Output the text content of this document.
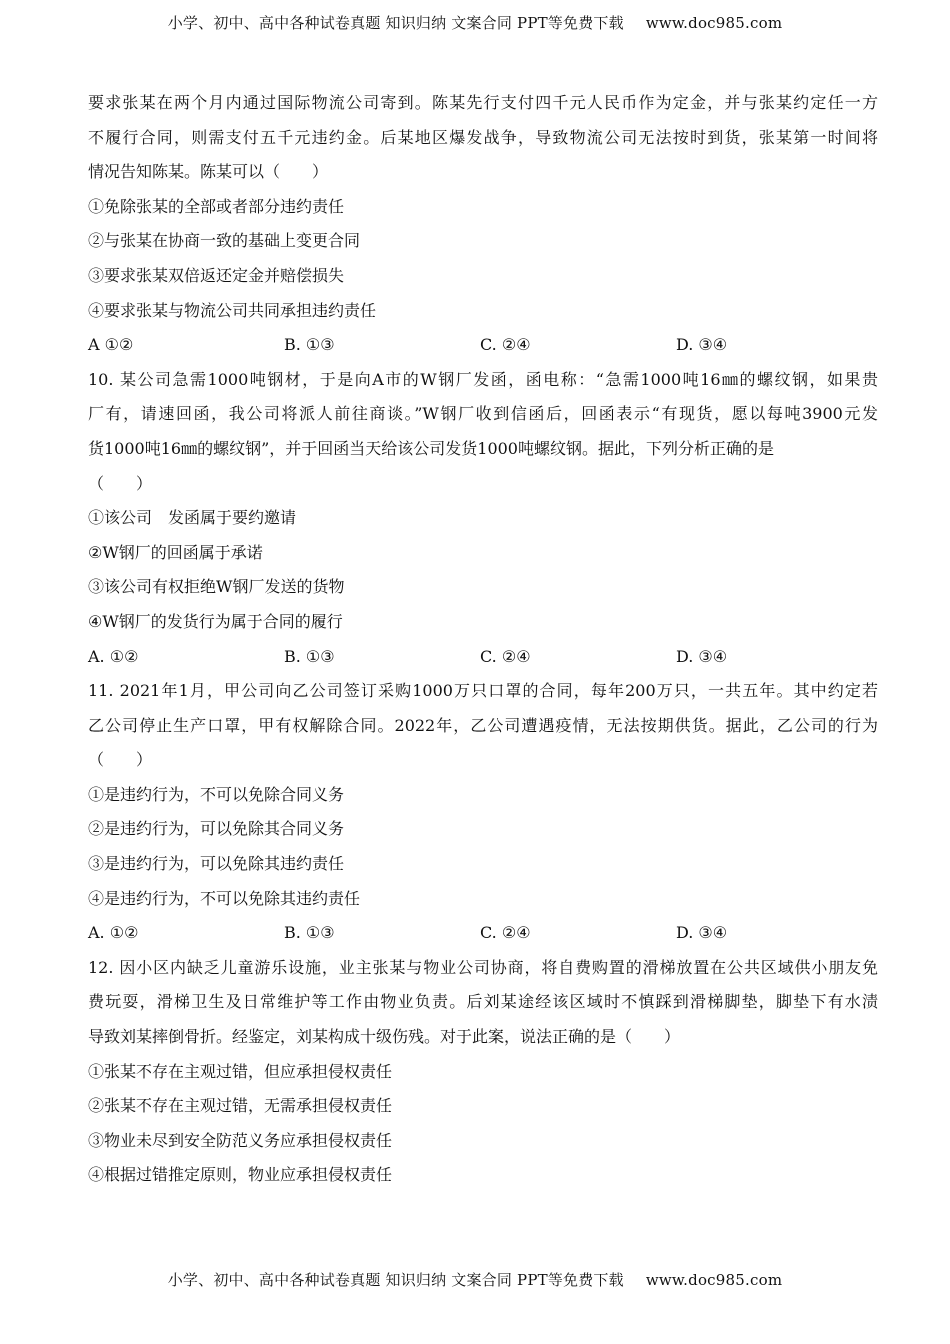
小学、初中、高中各种试卷真题 知识归纳 文案合同 PPT等免费下载 www.doc985.com
要求张某在两个月内通过国际物流公司寄到。陈某先行支付四千元人民币作为定金，并与张某约定任一方
不履行合同，则需支付五千元违约金。后某地区爆发战争，导致物流公司无法按时到货，张某第一时间将
情况告知陈某。陈某可以（　　）
①免除张某的全部或者部分违约责任
②与张某在协商一致的基础上变更合同
③要求张某双倍返还定金并赔偿损失
④要求张某与物流公司共同承担违约责任
A ①②	B. ①③	C. ②④	D. ③④
10. 某公司急需1000吨钢材，于是向A市的W钢厂发函，函电称：“急需1000吨16㎜的螺纹钢，如果贵
厂有，请速回函，我公司将派人前往商谈。”W钢厂收到信函后，回函表示“有现货，愿以每吨3900元发
货1000吨16㎜的螺纹钢”，并于回函当天给该公司发货1000吨螺纹钢。据此，下列分析正确的是
（　　）
①该公司　发函属于要约邀请
②W钢厂的回函属于承诺
③该公司有权拒绝W钢厂发送的货物
④W钢厂的发货行为属于合同的履行
A. ①②	B. ①③	C. ②④	D. ③④
11. 2021年1月，甲公司向乙公司签订采购1000万只口罩的合同，每年200万只，一共五年。其中约定若
乙公司停止生产口罩，甲有权解除合同。2022年，乙公司遭遇疫情，无法按期供货。据此，乙公司的行为
（　　）
①是违约行为，不可以免除合同义务
②是违约行为，可以免除其合同义务
③是违约行为，可以免除其违约责任
④是违约行为，不可以免除其违约责任
A. ①②	B. ①③	C. ②④	D. ③④
12. 因小区内缺乏儿童游乐设施，业主张某与物业公司协商，将自费购置的滑梯放置在公共区域供小朋友免
费玩耍，滑梯卫生及日常维护等工作由物业负责。后刘某途经该区域时不慎踩到滑梯脚垫，脚垫下有水渍
导致刘某摔倒骨折。经鉴定，刘某构成十级伤残。对于此案，说法正确的是（　　）
①张某不存在主观过错，但应承担侵权责任
②张某不存在主观过错，无需承担侵权责任
③物业未尽到安全防范义务应承担侵权责任
④根据过错推定原则，物业应承担侵权责任
小学、初中、高中各种试卷真题 知识归纳 文案合同 PPT等免费下载 www.doc985.com
